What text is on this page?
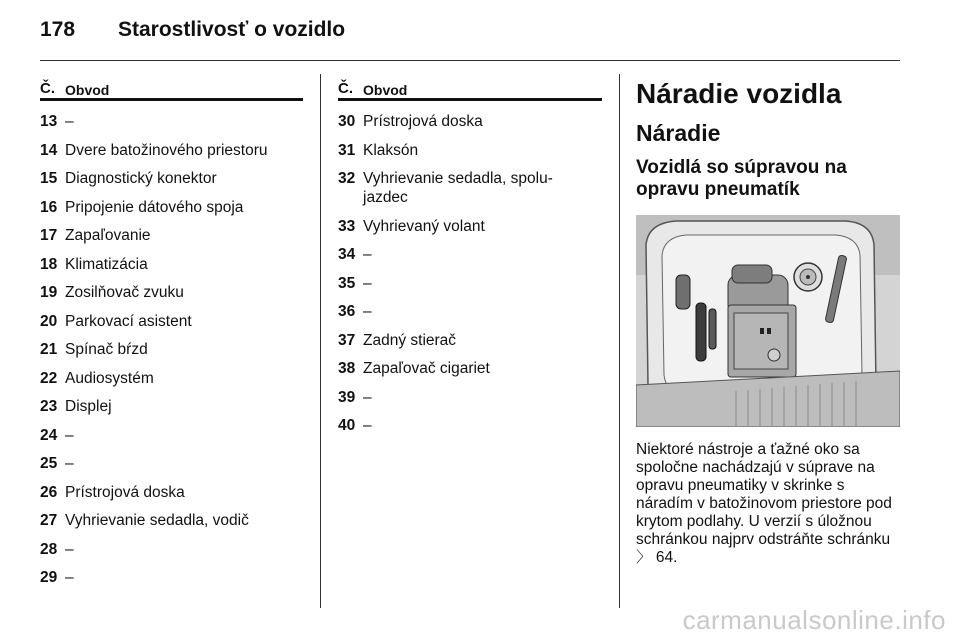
178 Starostlivosť o vozidlo
Č. Obvod
13 –
14 Dvere batožinového priestoru
15 Diagnostický konektor
16 Pripojenie dátového spoja
17 Zapaľovanie
18 Klimatizácia
19 Zosilňovač zvuku
20 Parkovací asistent
21 Spínač bŕzd
22 Audiosystém
23 Displej
24 –
25 –
26 Prístrojová doska
27 Vyhrievanie sedadla, vodič
28 –
29 –
Č. Obvod
30 Prístrojová doska
31 Klaksón
32 Vyhrievanie sedadla, spolu-
jazdec
33 Vyhrievaný volant
34 –
35 –
36 –
37 Zadný stierač
38 Zapaľovač cigariet
39 –
40 –
Náradie vozidla
Náradie
Vozidlá so súpravou na opravu pneumatík
Niektoré nástroje a ťažné oko sa spoločne nachádzajú v súprave na opravu pneumatiky v skrinke s náradím v batožinovom priestore pod krytom podlahy. U verzií s úložnou schránkou najprv odstráňte schránku 〉 64.
carmanualsonline.info
